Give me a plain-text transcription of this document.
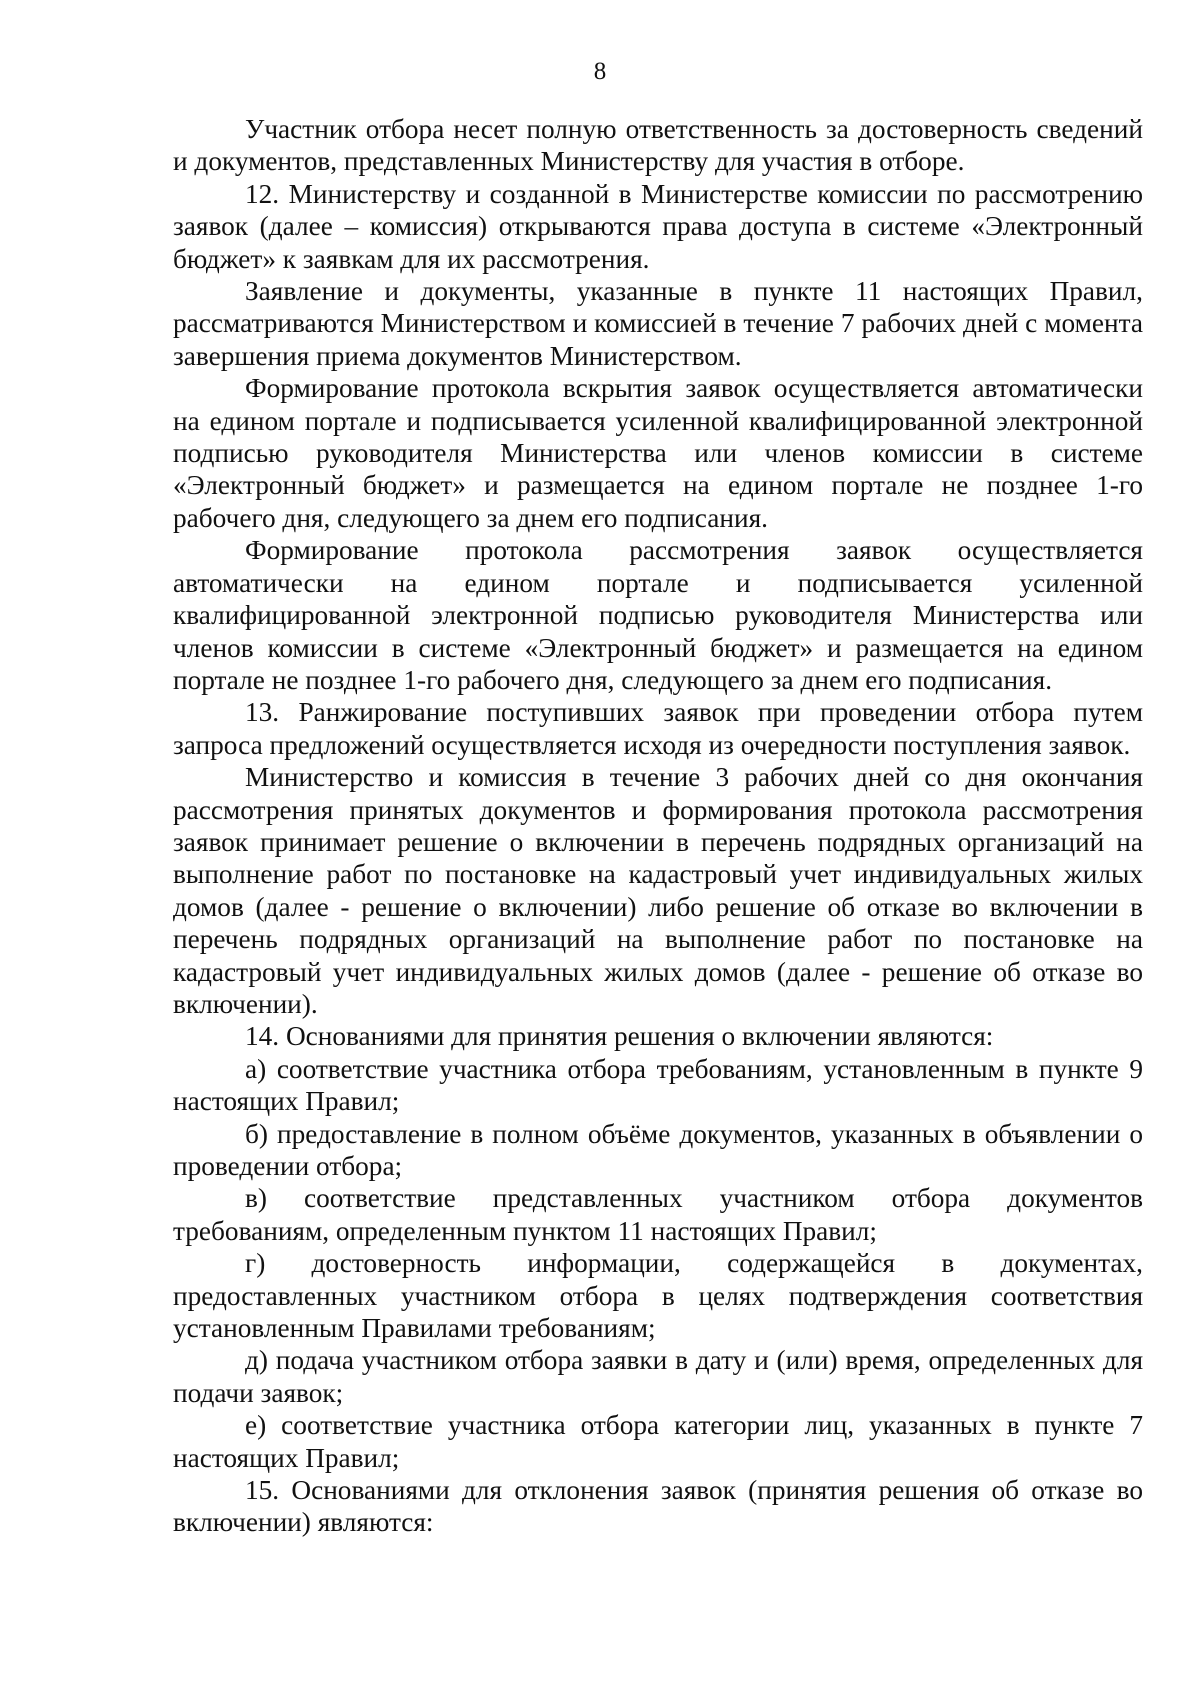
8

Участник отбора несет полную ответственность за достоверность сведений и документов, представленных Министерству для участия в отборе.

12. Министерству и созданной в Министерстве комиссии по рассмотрению заявок (далее – комиссия) открываются права доступа в системе «Электронный бюджет» к заявкам для их рассмотрения.

Заявление и документы, указанные в пункте 11 настоящих Правил, рассматриваются Министерством и комиссией в течение 7 рабочих дней с момента завершения приема документов Министерством.

Формирование протокола вскрытия заявок осуществляется автоматически на едином портале и подписывается усиленной квалифицированной электронной подписью руководителя Министерства или членов комиссии в системе «Электронный бюджет» и размещается на едином портале не позднее 1-го рабочего дня, следующего за днем его подписания.

Формирование протокола рассмотрения заявок осуществляется автоматически на едином портале и подписывается усиленной квалифицированной электронной подписью руководителя Министерства или членов комиссии в системе «Электронный бюджет» и размещается на едином портале не позднее 1-го рабочего дня, следующего за днем его подписания.

13. Ранжирование поступивших заявок при проведении отбора путем запроса предложений осуществляется исходя из очередности поступления заявок.

Министерство и комиссия в течение 3 рабочих дней со дня окончания рассмотрения принятых документов и формирования протокола рассмотрения заявок принимает решение о включении в перечень подрядных организаций на выполнение работ по постановке на кадастровый учет индивидуальных жилых домов (далее - решение о включении) либо решение об отказе во включении в перечень подрядных организаций на выполнение работ по постановке на кадастровый учет индивидуальных жилых домов (далее - решение об отказе во включении).

14. Основаниями для принятия решения о включении являются:

а) соответствие участника отбора требованиям, установленным в пункте 9 настоящих Правил;

б) предоставление в полном объёме документов, указанных в объявлении о проведении отбора;

в) соответствие представленных участником отбора документов требованиям, определенным пунктом 11 настоящих Правил;

г) достоверность информации, содержащейся в документах, предоставленных участником отбора в целях подтверждения соответствия установленным Правилами требованиям;

д) подача участником отбора заявки в дату и (или) время, определенных для подачи заявок;

е) соответствие участника отбора категории лиц, указанных в пункте 7 настоящих Правил;

15. Основаниями для отклонения заявок (принятия решения об отказе во включении) являются:
